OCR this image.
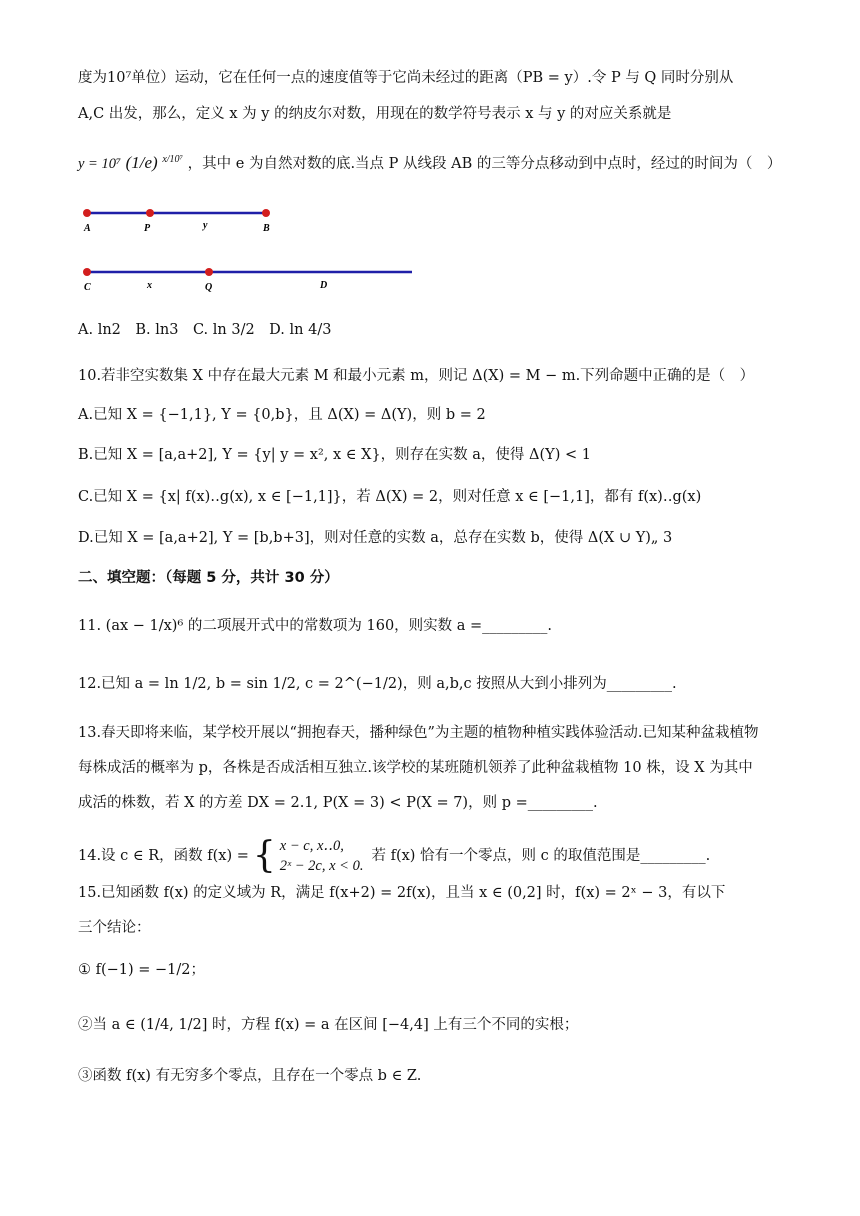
度为10⁷单位）运动，它在任何一点的速度值等于它尚未经过的距离（PB = y）.令 P 与 Q 同时分别从
A,C 出发，那么，定义 x 为 y 的纳皮尔对数，用现在的数学符号表示 x 与 y 的对应关系就是
y = 10⁷ (1/e) $^{x/10^7}$ ，其中 e 为自然对数的底.当点 P 从线段 AB 的三等分点移动到中点时，经过的时间为（　）
A	P	y	B
C	x	Q	D
A. ln2　B. ln3　C. ln 3/2　D. ln 4/3
10.若非空实数集 X 中存在最大元素 M 和最小元素 m，则记 Δ(X) = M − m.下列命题中正确的是（　）
A.已知 X = {−1,1}, Y = {0,b}，且 Δ(X) = Δ(Y)，则 b = 2
B.已知 X = [a,a+2], Y = {y| y = x², x ∈ X}，则存在实数 a，使得 Δ(Y) < 1
C.已知 X = {x| f(x)‥g(x), x ∈ [−1,1]}，若 Δ(X) = 2，则对任意 x ∈ [−1,1]，都有 f(x)‥g(x)
D.已知 X = [a,a+2], Y = [b,b+3]，则对任意的实数 a，总存在实数 b，使得 Δ(X ∪ Y)„ 3
二、填空题：（每题 5 分，共计 30 分）
11. (ax − 1/x)⁶ 的二项展开式中的常数项为 160，则实数 a =_________.
12.已知 a = ln 1/2, b = sin 1/2, c = 2^(−1/2)，则 a,b,c 按照从大到小排列为_________.
13.春天即将来临，某学校开展以“拥抱春天，播种绿色”为主题的植物种植实践体验活动.已知某种盆栽植物
每株成活的概率为 p，各株是否成活相互独立.该学校的某班随机领养了此种盆栽植物 10 株，设 X 为其中
成活的株数，若 X 的方差 DX = 2.1, P(X = 3) < P(X = 7)，则 p =_________.
14.设 c ∈ R，函数 f(x) = { x − c, x‥0,
2ˣ − 2c, x < 0.
若 f(x) 恰有一个零点，则 c 的取值范围是_________.
15.已知函数 f(x) 的定义域为 R，满足 f(x+2) = 2f(x)，且当 x ∈ (0,2] 时，f(x) = 2ˣ − 3，有以下
三个结论：
① f(−1) = −1/2；
②当 a ∈ (1/4, 1/2] 时，方程 f(x) = a 在区间 [−4,4] 上有三个不同的实根；
③函数 f(x) 有无穷多个零点，且存在一个零点 b ∈ Z.
